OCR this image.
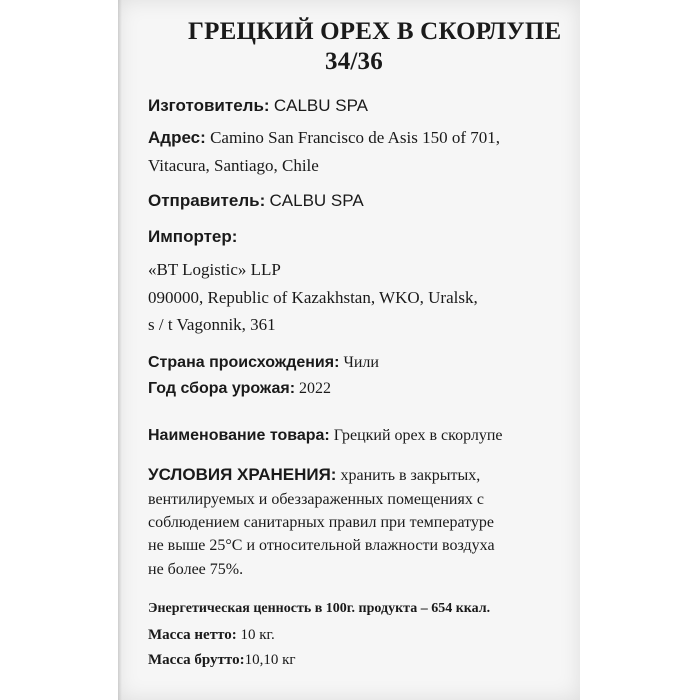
ГРЕЦКИЙ ОРЕХ В СКОРЛУПЕ
34/36
Изготовитель: CALBU SPA
Адрес: Camino San Francisco de Asis 150 of 701,
Vitacura, Santiago, Chile
Отправитель: CALBU SPA
Импортер:
«BT Logistic» LLP
090000, Republic of Kazakhstan, WKO, Uralsk,
s / t Vagonnik, 361
Страна происхождения: Чили
Год сбора урожая: 2022
Наименование товара: Грецкий орех в скорлупе
УСЛОВИЯ ХРАНЕНИЯ: хранить в закрытых,
вентилируемых и обеззараженных помещениях с
соблюдением санитарных правил при температуре
не выше 25°С и относительной влажности воздуха
не более 75%.
Энергетическая ценность в 100г. продукта – 654 ккал.
Масса нетто: 10 кг.
Масса брутто:10,10 кг
